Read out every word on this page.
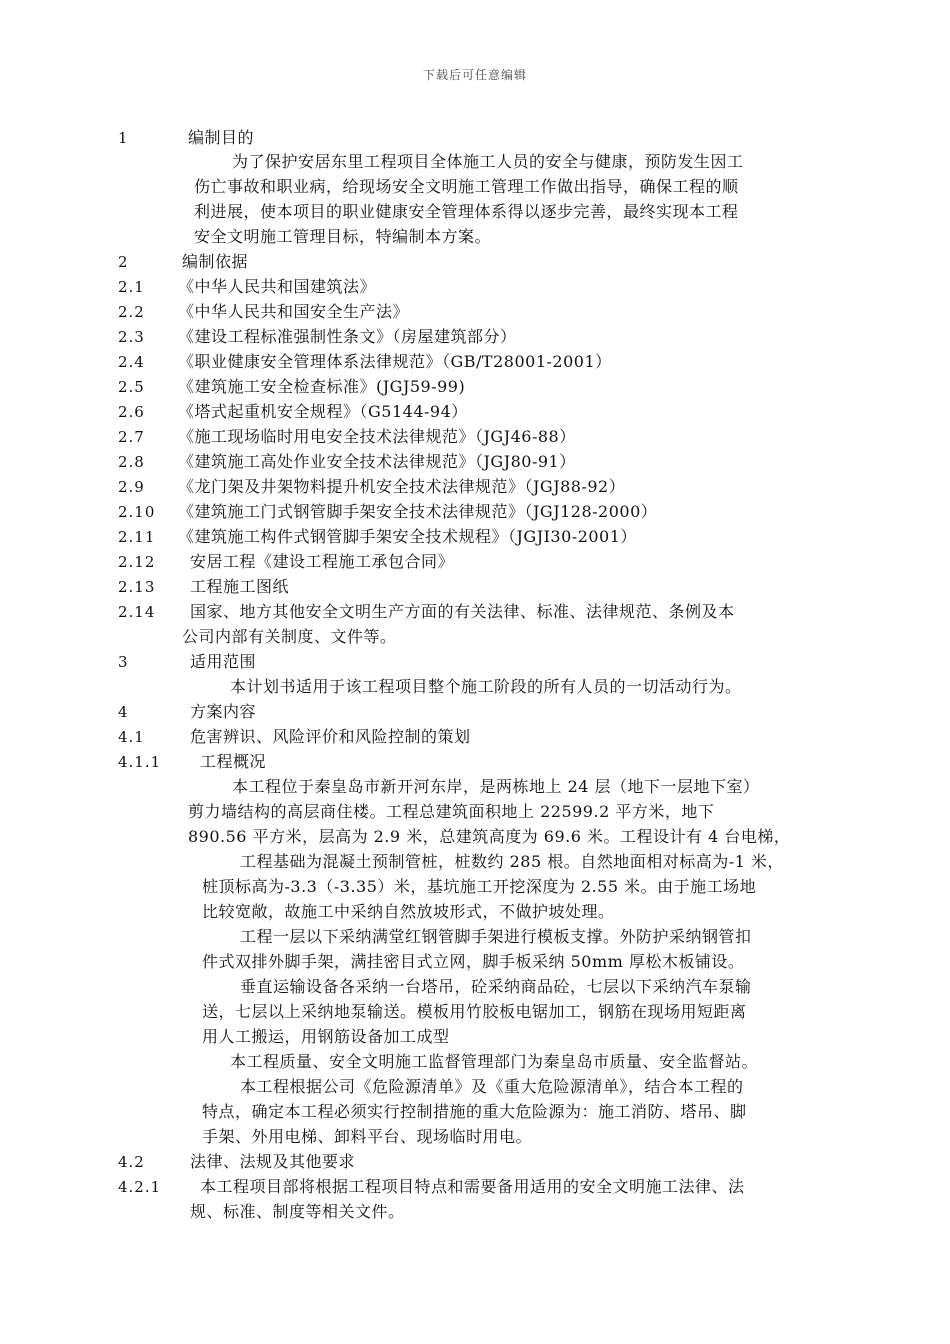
下载后可任意编辑
1	编制目的
为了保护安居东里工程项目全体施工人员的安全与健康，预防发生因工
伤亡事故和职业病，给现场安全文明施工管理工作做出指导，确保工程的顺
利进展，使本项目的职业健康安全管理体系得以逐步完善，最终实现本工程
安全文明施工管理目标，特编制本方案。
2	编制依据
2.1 《中华人民共和国建筑法》
2.2 《中华人民共和国安全生产法》
2.3 《建设工程标准强制性条文》（房屋建筑部分）
2.4 《职业健康安全管理体系法律规范》（GB/T28001-2001）
2.5 《建筑施工安全检查标准》(JGJ59-99)
2.6 《塔式起重机安全规程》（G5144-94）
2.7 《施工现场临时用电安全技术法律规范》（JGJ46-88）
2.8 《建筑施工高处作业安全技术法律规范》（JGJ80-91）
2.9 《龙门架及井架物料提升机安全技术法律规范》（JGJ88-92）
2.10 《建筑施工门式钢管脚手架安全技术法律规范》（JGJ128-2000）
2.11 《建筑施工构件式钢管脚手架安全技术规程》（JGJI30-2001）
2.12 安居工程《建设工程施工承包合同》
2.13 工程施工图纸
2.14 国家、地方其他安全文明生产方面的有关法律、标准、法律规范、条例及本
公司内部有关制度、文件等。
3	适用范围
本计划书适用于该工程项目整个施工阶段的所有人员的一切活动行为。
4	方案内容
4.1	危害辨识、风险评价和风险控制的策划
4.1.1 工程概况
本工程位于秦皇岛市新开河东岸，是两栋地上 24 层（地下一层地下室）
剪力墙结构的高层商住楼。工程总建筑面积地上 22599.2 平方米，地下
890.56 平方米，层高为 2.9 米，总建筑高度为 69.6 米。工程设计有 4 台电梯，
工程基础为混凝土预制管桩，桩数约 285 根。自然地面相对标高为-1 米，
桩顶标高为-3.3（-3.35）米，基坑施工开挖深度为 2.55 米。由于施工场地
比较宽敞，故施工中采纳自然放坡形式，不做护坡处理。
工程一层以下采纳满堂红钢管脚手架进行模板支撑。外防护采纳钢管扣
件式双排外脚手架，满挂密目式立网，脚手板采纳 50mm 厚松木板铺设。
垂直运输设备各采纳一台塔吊，砼采纳商品砼，七层以下采纳汽车泵输
送，七层以上采纳地泵输送。模板用竹胶板电锯加工，钢筋在现场用短距离
用人工搬运，用钢筋设备加工成型
本工程质量、安全文明施工监督管理部门为秦皇岛市质量、安全监督站。
本工程根据公司《危险源清单》及《重大危险源清单》，结合本工程的
特点，确定本工程必须实行控制措施的重大危险源为：施工消防、塔吊、脚
手架、外用电梯、卸料平台、现场临时用电。
4.2	法律、法规及其他要求
4.2.1 本工程项目部将根据工程项目特点和需要备用适用的安全文明施工法律、法
规、标准、制度等相关文件。
